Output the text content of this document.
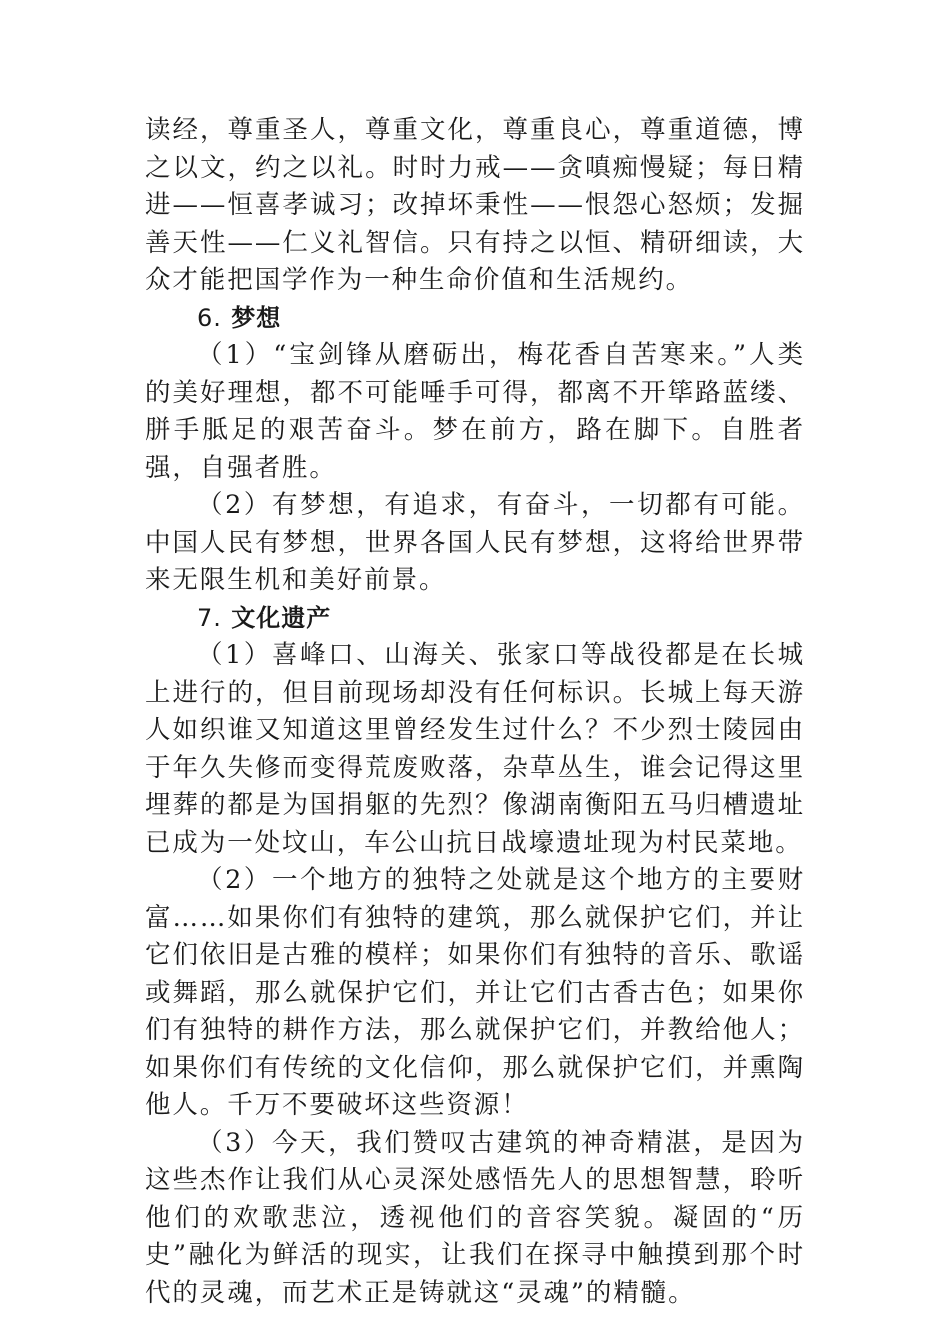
读经，尊重圣人，尊重文化，尊重良心，尊重道德，博之以文，约之以礼。时时力戒——贪嗔痴慢疑；每日精进——恒喜孝诚习；改掉坏秉性——恨怨心怒烦；发掘善天性——仁义礼智信。只有持之以恒、精研细读，大众才能把国学作为一种生命价值和生活规约。

6. 梦想

（1）“宝剑锋从磨砺出，梅花香自苦寒来。”人类的美好理想，都不可能唾手可得，都离不开筚路蓝缕、胼手胝足的艰苦奋斗。梦在前方，路在脚下。自胜者强，自强者胜。

（2）有梦想，有追求，有奋斗，一切都有可能。中国人民有梦想，世界各国人民有梦想，这将给世界带来无限生机和美好前景。

7. 文化遗产

（1）喜峰口、山海关、张家口等战役都是在长城上进行的，但目前现场却没有任何标识。长城上每天游人如织谁又知道这里曾经发生过什么？不少烈士陵园由于年久失修而变得荒废败落，杂草丛生，谁会记得这里埋葬的都是为国捐躯的先烈？像湖南衡阳五马归槽遗址已成为一处坟山，车公山抗日战壕遗址现为村民菜地。

（2）一个地方的独特之处就是这个地方的主要财富……如果你们有独特的建筑，那么就保护它们，并让它们依旧是古雅的模样；如果你们有独特的音乐、歌谣或舞蹈，那么就保护它们，并让它们古香古色；如果你们有独特的耕作方法，那么就保护它们，并教给他人；如果你们有传统的文化信仰，那么就保护它们，并熏陶他人。千万不要破坏这些资源！

（3）今天，我们赞叹古建筑的神奇精湛，是因为这些杰作让我们从心灵深处感悟先人的思想智慧，聆听他们的欢歌悲泣，透视他们的音容笑貌。凝固的“历史”融化为鲜活的现实，让我们在探寻中触摸到那个时代的灵魂，而艺术正是铸就这“灵魂”的精髓。
